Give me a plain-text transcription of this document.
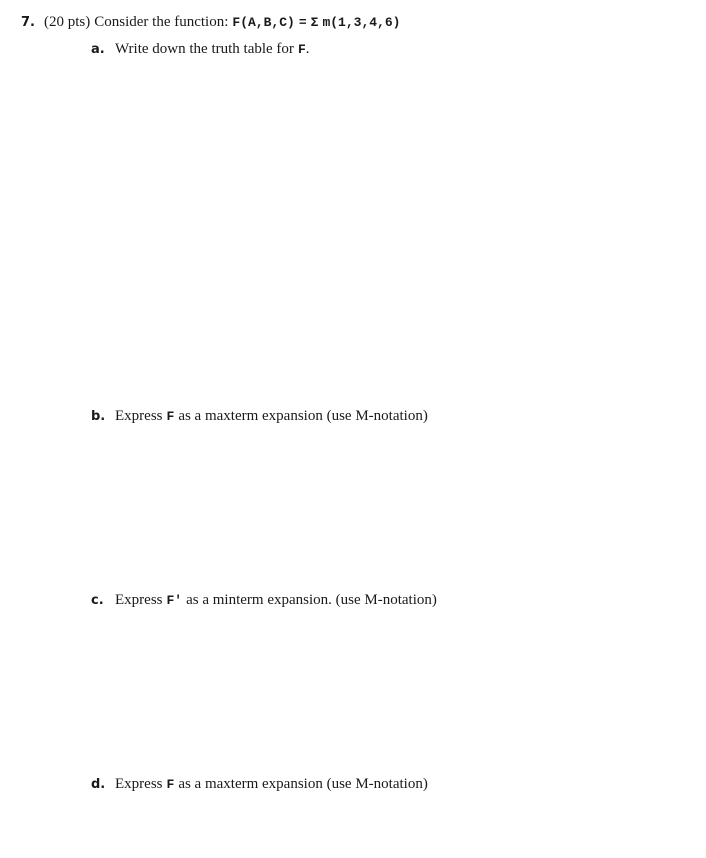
7. (20 pts) Consider the function: F(A,B,C) = Σ m(1,3,4,6)
a. Write down the truth table for F.
b. Express F as a maxterm expansion (use M-notation)
c. Express F' as a minterm expansion. (use M-notation)
d. Express F as a maxterm expansion (use M-notation)
